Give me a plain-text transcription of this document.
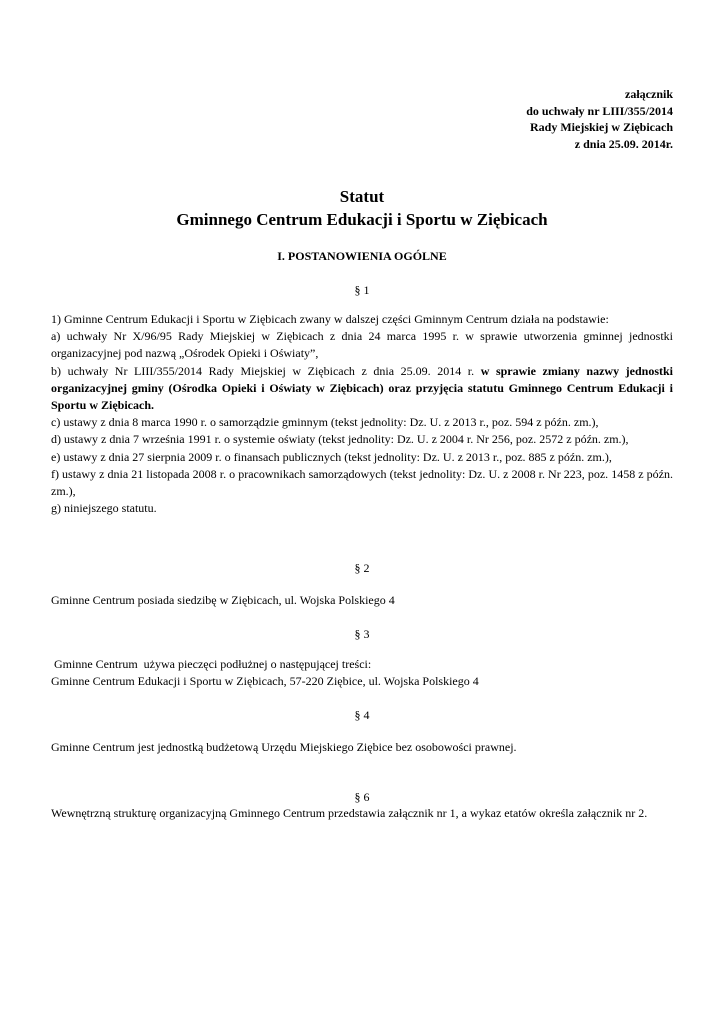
załącznik
do uchwały nr LIII/355/2014
Rady Miejskiej w Ziębicach
z dnia 25.09. 2014r.
Statut
Gminnego Centrum Edukacji i Sportu w Ziębicach
I. POSTANOWIENIA OGÓLNE
§ 1
1) Gminne Centrum Edukacji i Sportu w Ziębicach zwany w dalszej części Gminnym Centrum działa na podstawie:
a) uchwały Nr X/96/95 Rady Miejskiej w Ziębicach z dnia 24 marca 1995 r. w sprawie utworzenia gminnej jednostki organizacyjnej pod nazwą „Ośrodek Opieki i Oświaty”,
b) uchwały Nr LIII/355/2014 Rady Miejskiej w Ziębicach z dnia 25.09. 2014 r. w sprawie zmiany nazwy jednostki organizacyjnej gminy (Ośrodka Opieki i Oświaty w Ziębicach) oraz przyjęcia statutu Gminnego Centrum Edukacji i Sportu w Ziębicach.
c) ustawy z dnia 8 marca 1990 r. o samorządzie gminnym (tekst jednolity: Dz. U. z 2013 r., poz. 594 z późn. zm.),
d) ustawy z dnia 7 września 1991 r. o systemie oświaty (tekst jednolity: Dz. U. z 2004 r. Nr 256, poz. 2572 z późn. zm.),
e) ustawy z dnia 27 sierpnia 2009 r. o finansach publicznych (tekst jednolity: Dz. U. z 2013 r., poz. 885 z późn. zm.),
f) ustawy z dnia 21 listopada 2008 r. o pracownikach samorządowych (tekst jednolity: Dz. U. z 2008 r. Nr 223, poz. 1458 z późn. zm.),
g) niniejszego statutu.
§ 2
Gminne Centrum posiada siedzibę w Ziębicach, ul. Wojska Polskiego 4
§ 3
Gminne Centrum  używa pieczęci podłużnej o następującej treści:
Gminne Centrum Edukacji i Sportu w Ziębicach, 57-220 Ziębice, ul. Wojska Polskiego 4
§ 4
Gminne Centrum jest jednostką budżetową Urzędu Miejskiego Ziębice bez osobowości prawnej.
§ 6
Wewnętrzną strukturę organizacyjną Gminnego Centrum przedstawia załącznik nr 1, a wykaz etatów określa załącznik nr 2.
